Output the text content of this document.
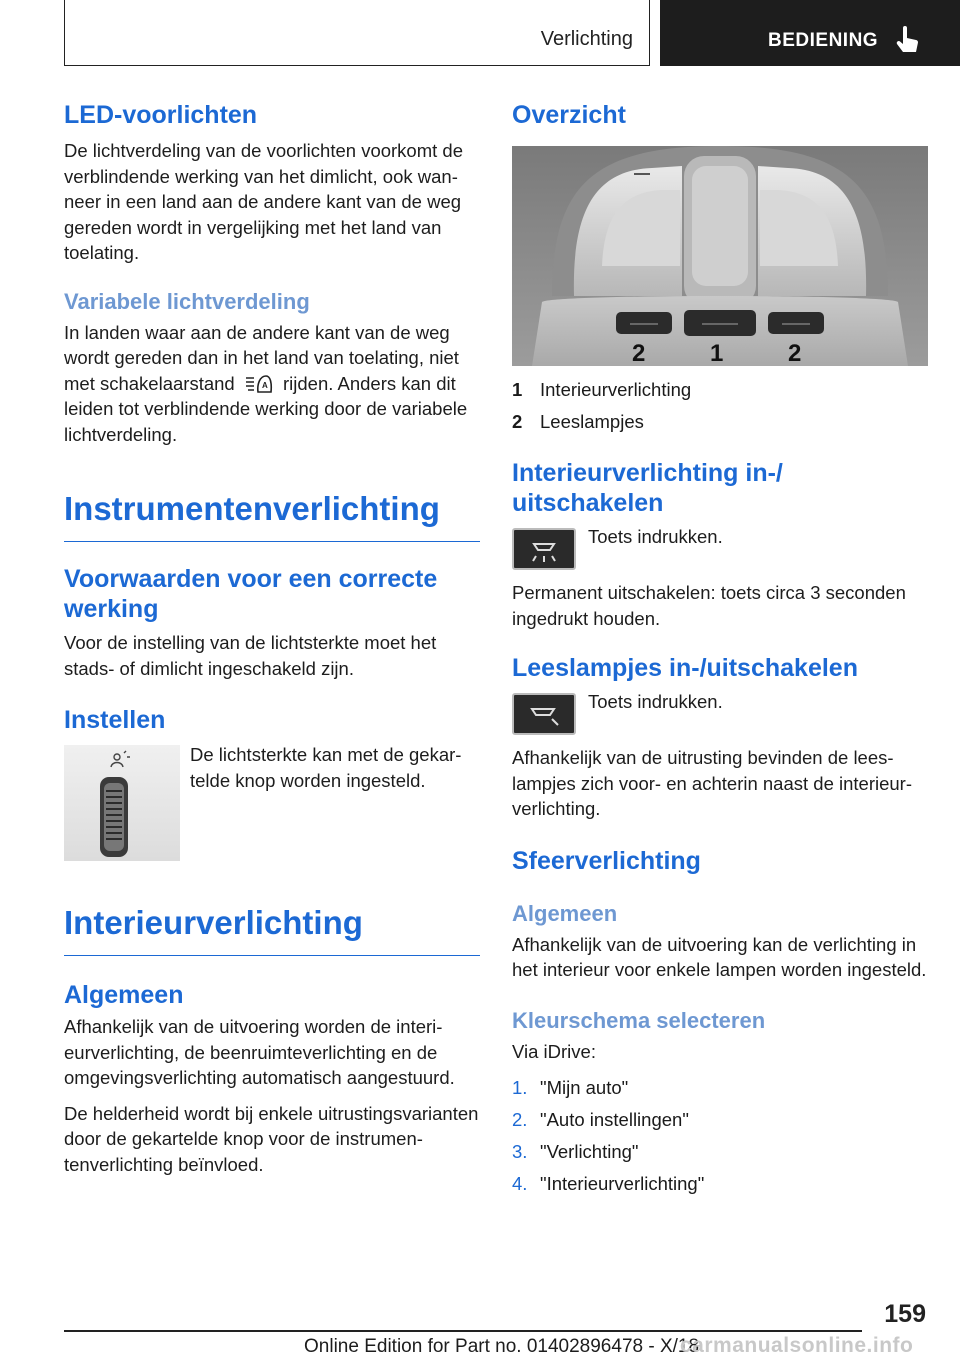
Verlichting	BEDIENING
LED-voorlichten

De lichtverdeling van de voorlichten voorkomt de verblindende werking van het dimlicht, ook wanneer in een land aan de andere kant van de weg gereden wordt in vergelijking met het land van toelating.

Variabele lichtverdeling

In landen waar aan de andere kant van de weg wordt gereden dan in het land van toelating, niet met schakelaarstand	A rijden. Anders kan dit leiden tot verblindende werking door de variabele lichtverdeling.

Instrumentenverlichting
Voorwaarden voor een correcte werking

Voor de instelling van de lichtsterkte moet het stads- of dimlicht ingeschakeld zijn.

Instellen

De lichtsterkte kan met de gekartelde knop worden ingesteld.

Interieurverlichting
Algemeen

Afhankelijk van de uitvoering worden de interieurverlichting, de beenruimteverlichting en de omgevingsverlichting automatisch aangestuurd.

De helderheid wordt bij enkele uitrustingsvarianten door de gekartelde knop voor de instrumentenverlichting beïnvloed.

Overzicht
2	1	2
1 Interieurverlichting
2 Leeslampjes
Interieurverlichting in-/ uitschakelen

Toets indrukken.

Permanent uitschakelen: toets circa 3 seconden ingedrukt houden.

Leeslampjes in-/uitschakelen

Toets indrukken.

Afhankelijk van de uitrusting bevinden de leeslampjes zich voor- en achterin naast de interieurverlichting.

Sfeerverlichting
Algemeen

Afhankelijk van de uitvoering kan de verlichting in het interieur voor enkele lampen worden ingesteld.

Kleurschema selecteren

Via iDrive:

1. "Mijn auto"
2. "Auto instellingen"
3. "Verlichting"
4. "Interieurverlichting"
159
Online Edition for Part no. 01402896478 - X/18
carmanualsonline.info
